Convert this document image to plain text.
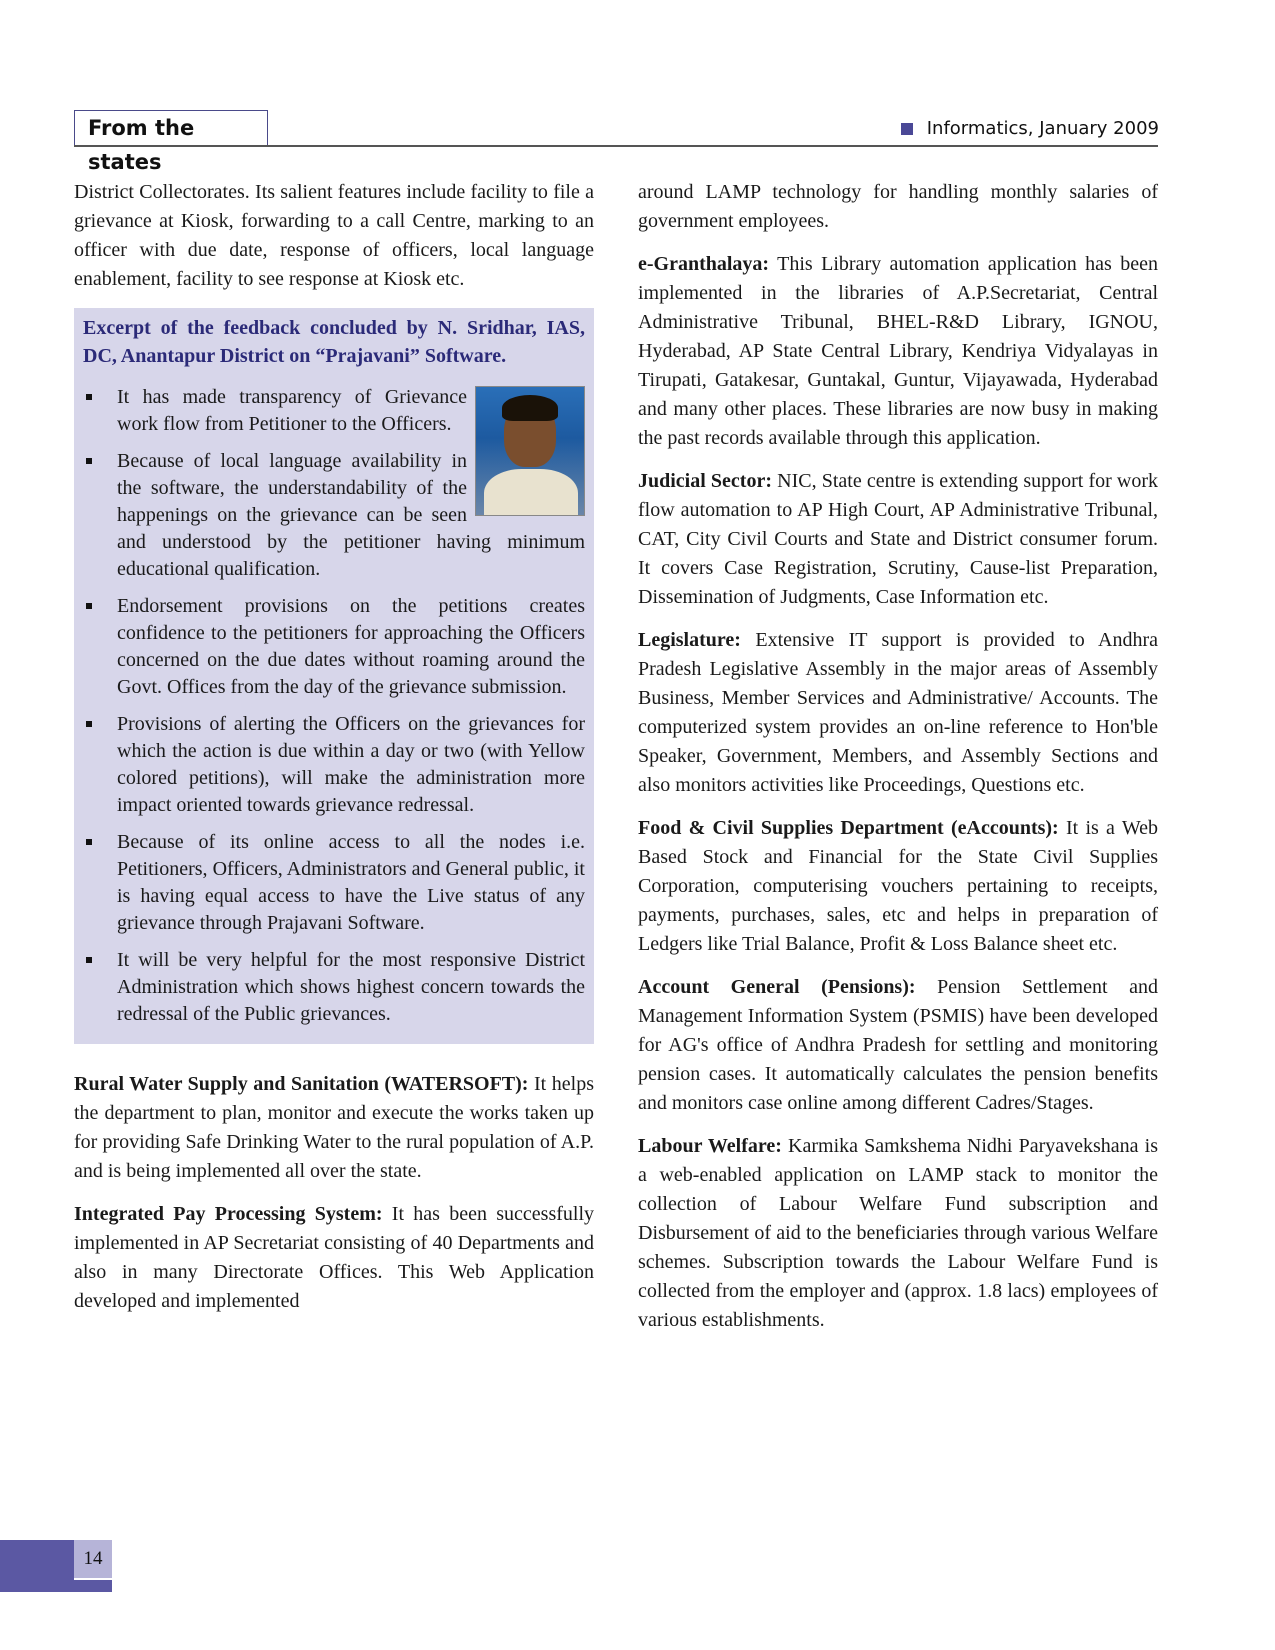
From the states
Informatics, January 2009

District Collectorates. Its salient features include facility to file a grievance at Kiosk, forwarding to a call Centre, marking to an officer with due date, response of officers, local language enablement, facility to see response at Kiosk etc.

Excerpt of the feedback concluded by N. Sridhar, IAS, DC, Anantapur District on “Prajavani” Software.

It has made transparency of Grievance work flow from Petitioner to the Officers.
Because of local language availability in the software, the understandability of the happenings on the grievance can be seen and understood by the petitioner having minimum educational qualification.
Endorsement provisions on the petitions creates confidence to the petitioners for approaching the Officers concerned on the due dates without roaming around the Govt. Offices from the day of the grievance submission.
Provisions of alerting the Officers on the grievances for which the action is due within a day or two (with Yellow colored petitions), will make the administration more impact oriented towards grievance redressal.
Because of its online access to all the nodes i.e. Petitioners, Officers, Administrators and General public, it is having equal access to have the Live status of any grievance through Prajavani Software.
It will be very helpful for the most responsive District Administration which shows highest concern towards the redressal of the Public grievances.

Rural Water Supply and Sanitation (WATERSOFT): It helps the department to plan, monitor and execute the works taken up for providing Safe Drinking Water to the rural population of A.P. and is being implemented all over the state.

Integrated Pay Processing System: It has been successfully implemented in AP Secretariat consisting of 40 Departments and also in many Directorate Offices. This Web Application developed and implemented

around LAMP technology for handling monthly salaries of government employees.

e-Granthalaya: This Library automation application has been implemented in the libraries of A.P.Secretariat, Central Administrative Tribunal, BHEL-R&D Library, IGNOU, Hyderabad, AP State Central Library, Kendriya Vidyalayas in Tirupati, Gatakesar, Guntakal, Guntur, Vijayawada, Hyderabad and many other places. These libraries are now busy in making the past records available through this application.

Judicial Sector: NIC, State centre is extending support for work flow automation to AP High Court, AP Administrative Tribunal, CAT, City Civil Courts and State and District consumer forum. It covers Case Registration, Scrutiny, Cause-list Preparation, Dissemination of Judgments, Case Information etc.

Legislature: Extensive IT support is provided to Andhra Pradesh Legislative Assembly in the major areas of Assembly Business, Member Services and Administrative/ Accounts. The computerized system provides an on-line reference to Hon'ble Speaker, Government, Members, and Assembly Sections and also monitors activities like Proceedings, Questions etc.

Food & Civil Supplies Department (eAccounts): It is a Web Based Stock and Financial for the State Civil Supplies Corporation, computerising vouchers pertaining to receipts, payments, purchases, sales, etc and helps in preparation of Ledgers like Trial Balance, Profit & Loss Balance sheet etc.

Account General (Pensions): Pension Settlement and Management Information System (PSMIS) have been developed for AG's office of Andhra Pradesh for settling and monitoring pension cases. It automatically calculates the pension benefits and monitors case online among different Cadres/Stages.

Labour Welfare: Karmika Samkshema Nidhi Paryavekshana is a web-enabled application on LAMP stack to monitor the collection of Labour Welfare Fund subscription and Disbursement of aid to the beneficiaries through various Welfare schemes. Subscription towards the Labour Welfare Fund is collected from the employer and (approx. 1.8 lacs) employees of various establishments.

14
